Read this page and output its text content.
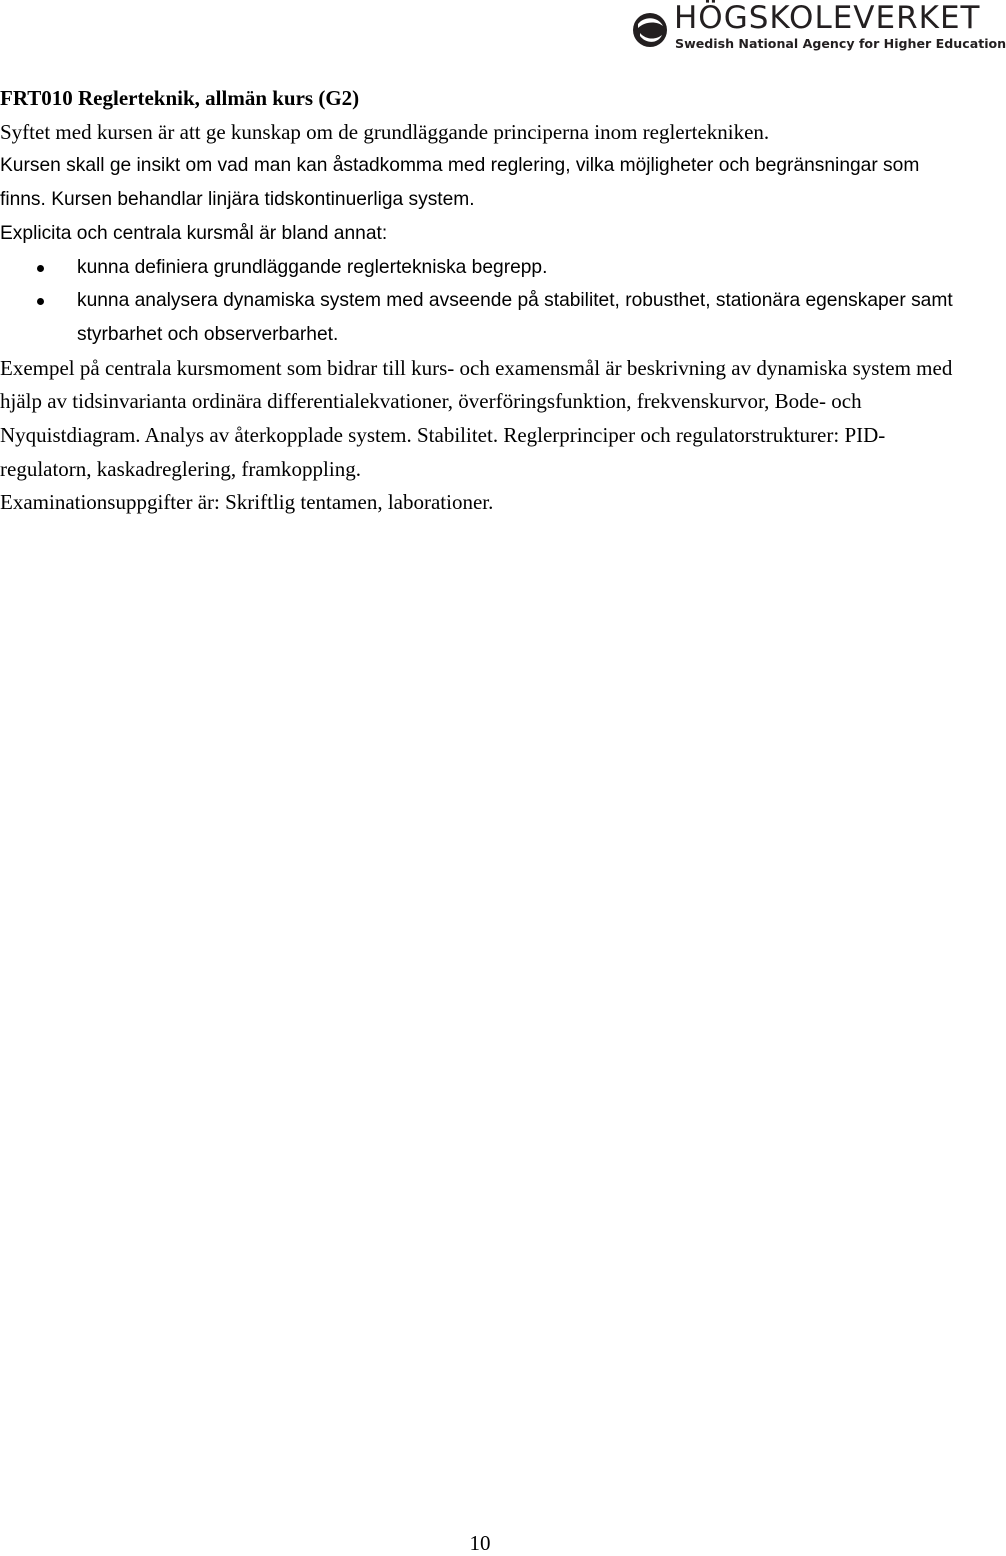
HÖGSKOLEVERKET
Swedish National Agency for Higher Education

FRT010 Reglerteknik, allmän kurs (G2)

Syftet med kursen är att ge kunskap om de grundläggande principerna inom reglertekniken.

Kursen skall ge insikt om vad man kan åstadkomma med reglering, vilka möjligheter och begränsningar som finns. Kursen behandlar linjära tidskontinuerliga system.

Explicita och centrala kursmål är bland annat:

kunna definiera grundläggande reglertekniska begrepp.
kunna analysera dynamiska system med avseende på stabilitet, robusthet, stationära egenskaper samt styrbarhet och observerbarhet.

Exempel på centrala kursmoment som bidrar till kurs- och examensmål är beskrivning av dynamiska system med hjälp av tidsinvarianta ordinära differentialekvationer, överföringsfunktion, frekvenskurvor, Bode- och Nyquistdiagram. Analys av återkopplade system. Stabilitet. Reglerprinciper och regulatorstrukturer: PID-regulatorn, kaskadreglering, framkoppling.

Examinationsuppgifter är: Skriftlig tentamen, laborationer.

10
